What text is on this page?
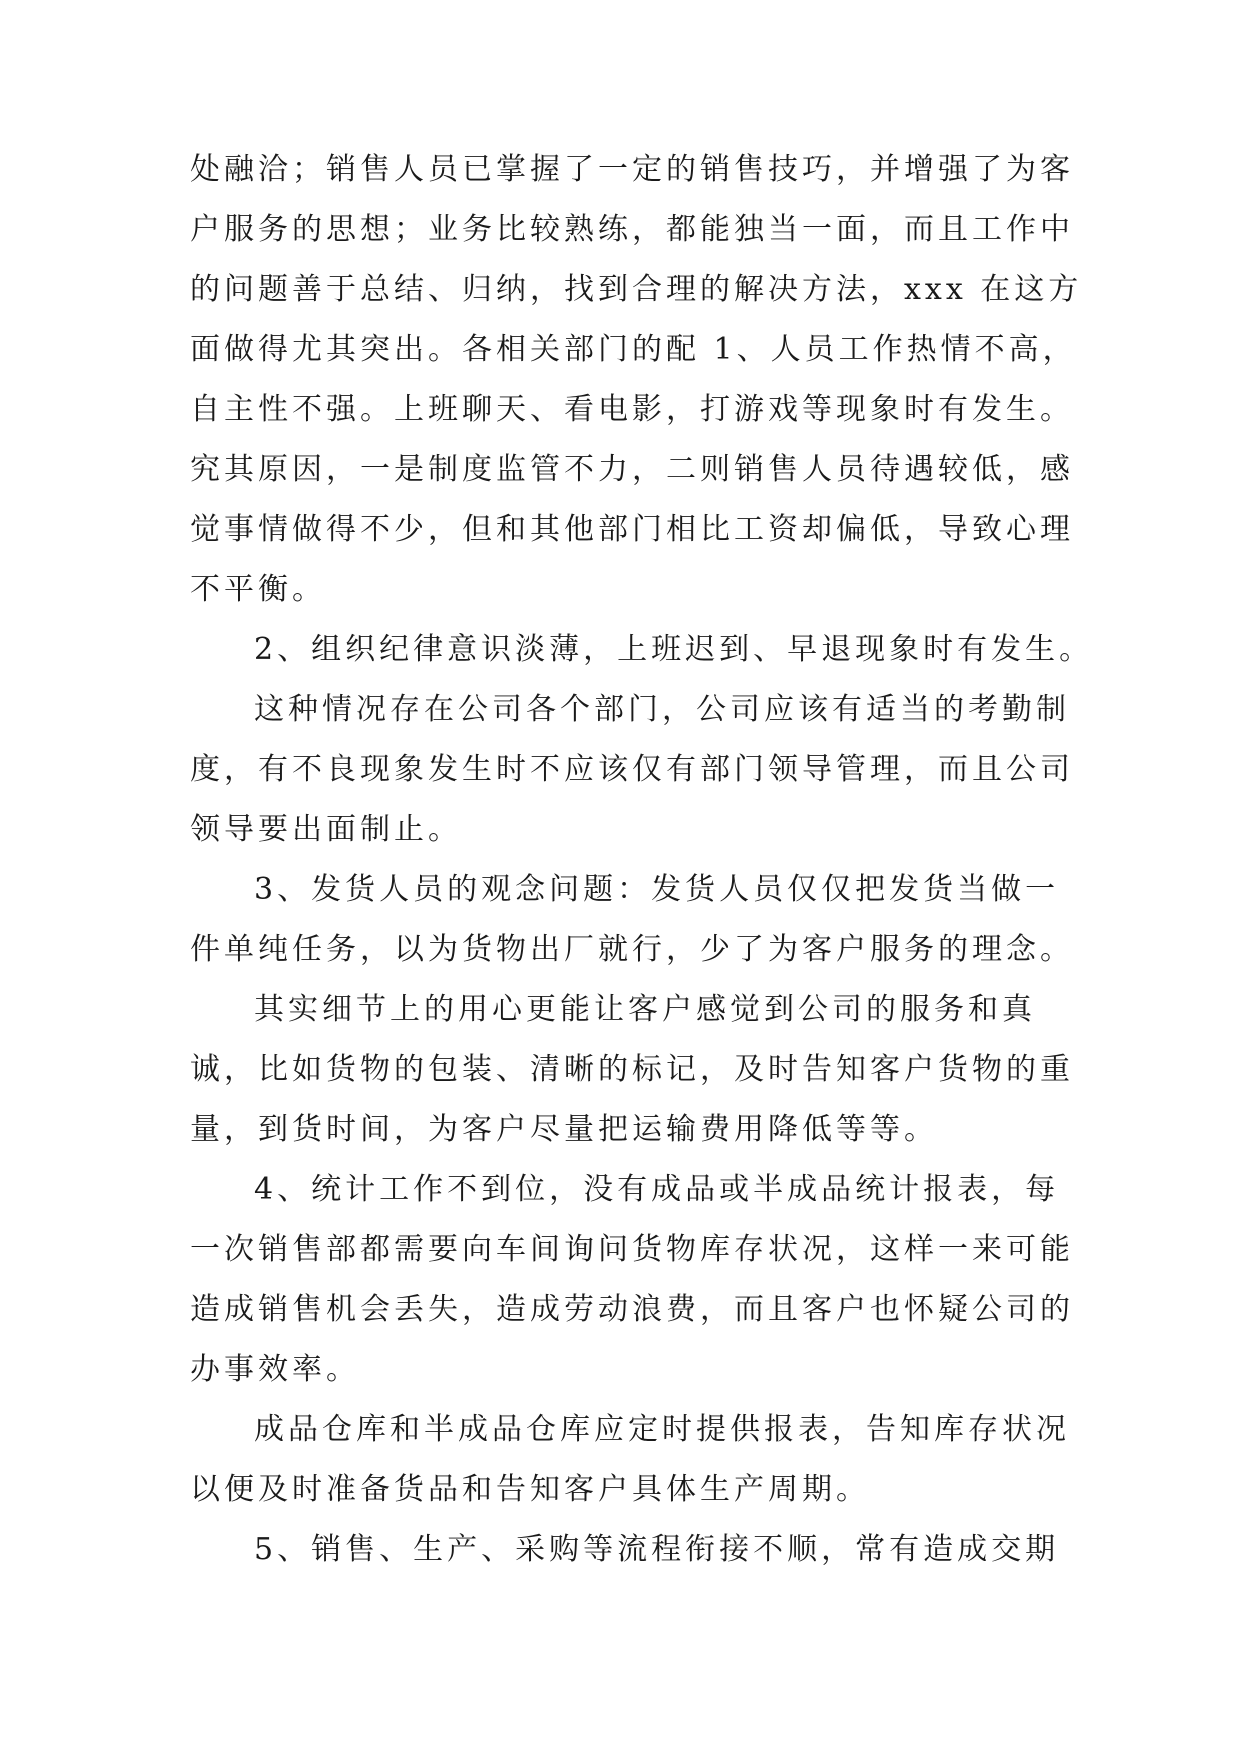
处融洽；销售人员已掌握了一定的销售技巧，并增强了为客
户服务的思想；业务比较熟练，都能独当一面，而且工作中
的问题善于总结、归纳，找到合理的解决方法，xxx 在这方
面做得尤其突出。各相关部门的配 1、人员工作热情不高，
自主性不强。上班聊天、看电影，打游戏等现象时有发生。
究其原因，一是制度监管不力，二则销售人员待遇较低，感
觉事情做得不少，但和其他部门相比工资却偏低，导致心理
不平衡。
2、组织纪律意识淡薄，上班迟到、早退现象时有发生。
这种情况存在公司各个部门，公司应该有适当的考勤制
度，有不良现象发生时不应该仅有部门领导管理，而且公司
领导要出面制止。
3、发货人员的观念问题：发货人员仅仅把发货当做一
件单纯任务，以为货物出厂就行，少了为客户服务的理念。
其实细节上的用心更能让客户感觉到公司的服务和真
诚，比如货物的包装、清晰的标记，及时告知客户货物的重
量，到货时间，为客户尽量把运输费用降低等等。
4、统计工作不到位，没有成品或半成品统计报表，每
一次销售部都需要向车间询问货物库存状况，这样一来可能
造成销售机会丢失，造成劳动浪费，而且客户也怀疑公司的
办事效率。
成品仓库和半成品仓库应定时提供报表，告知库存状况
以便及时准备货品和告知客户具体生产周期。
5、销售、生产、采购等流程衔接不顺，常有造成交期
